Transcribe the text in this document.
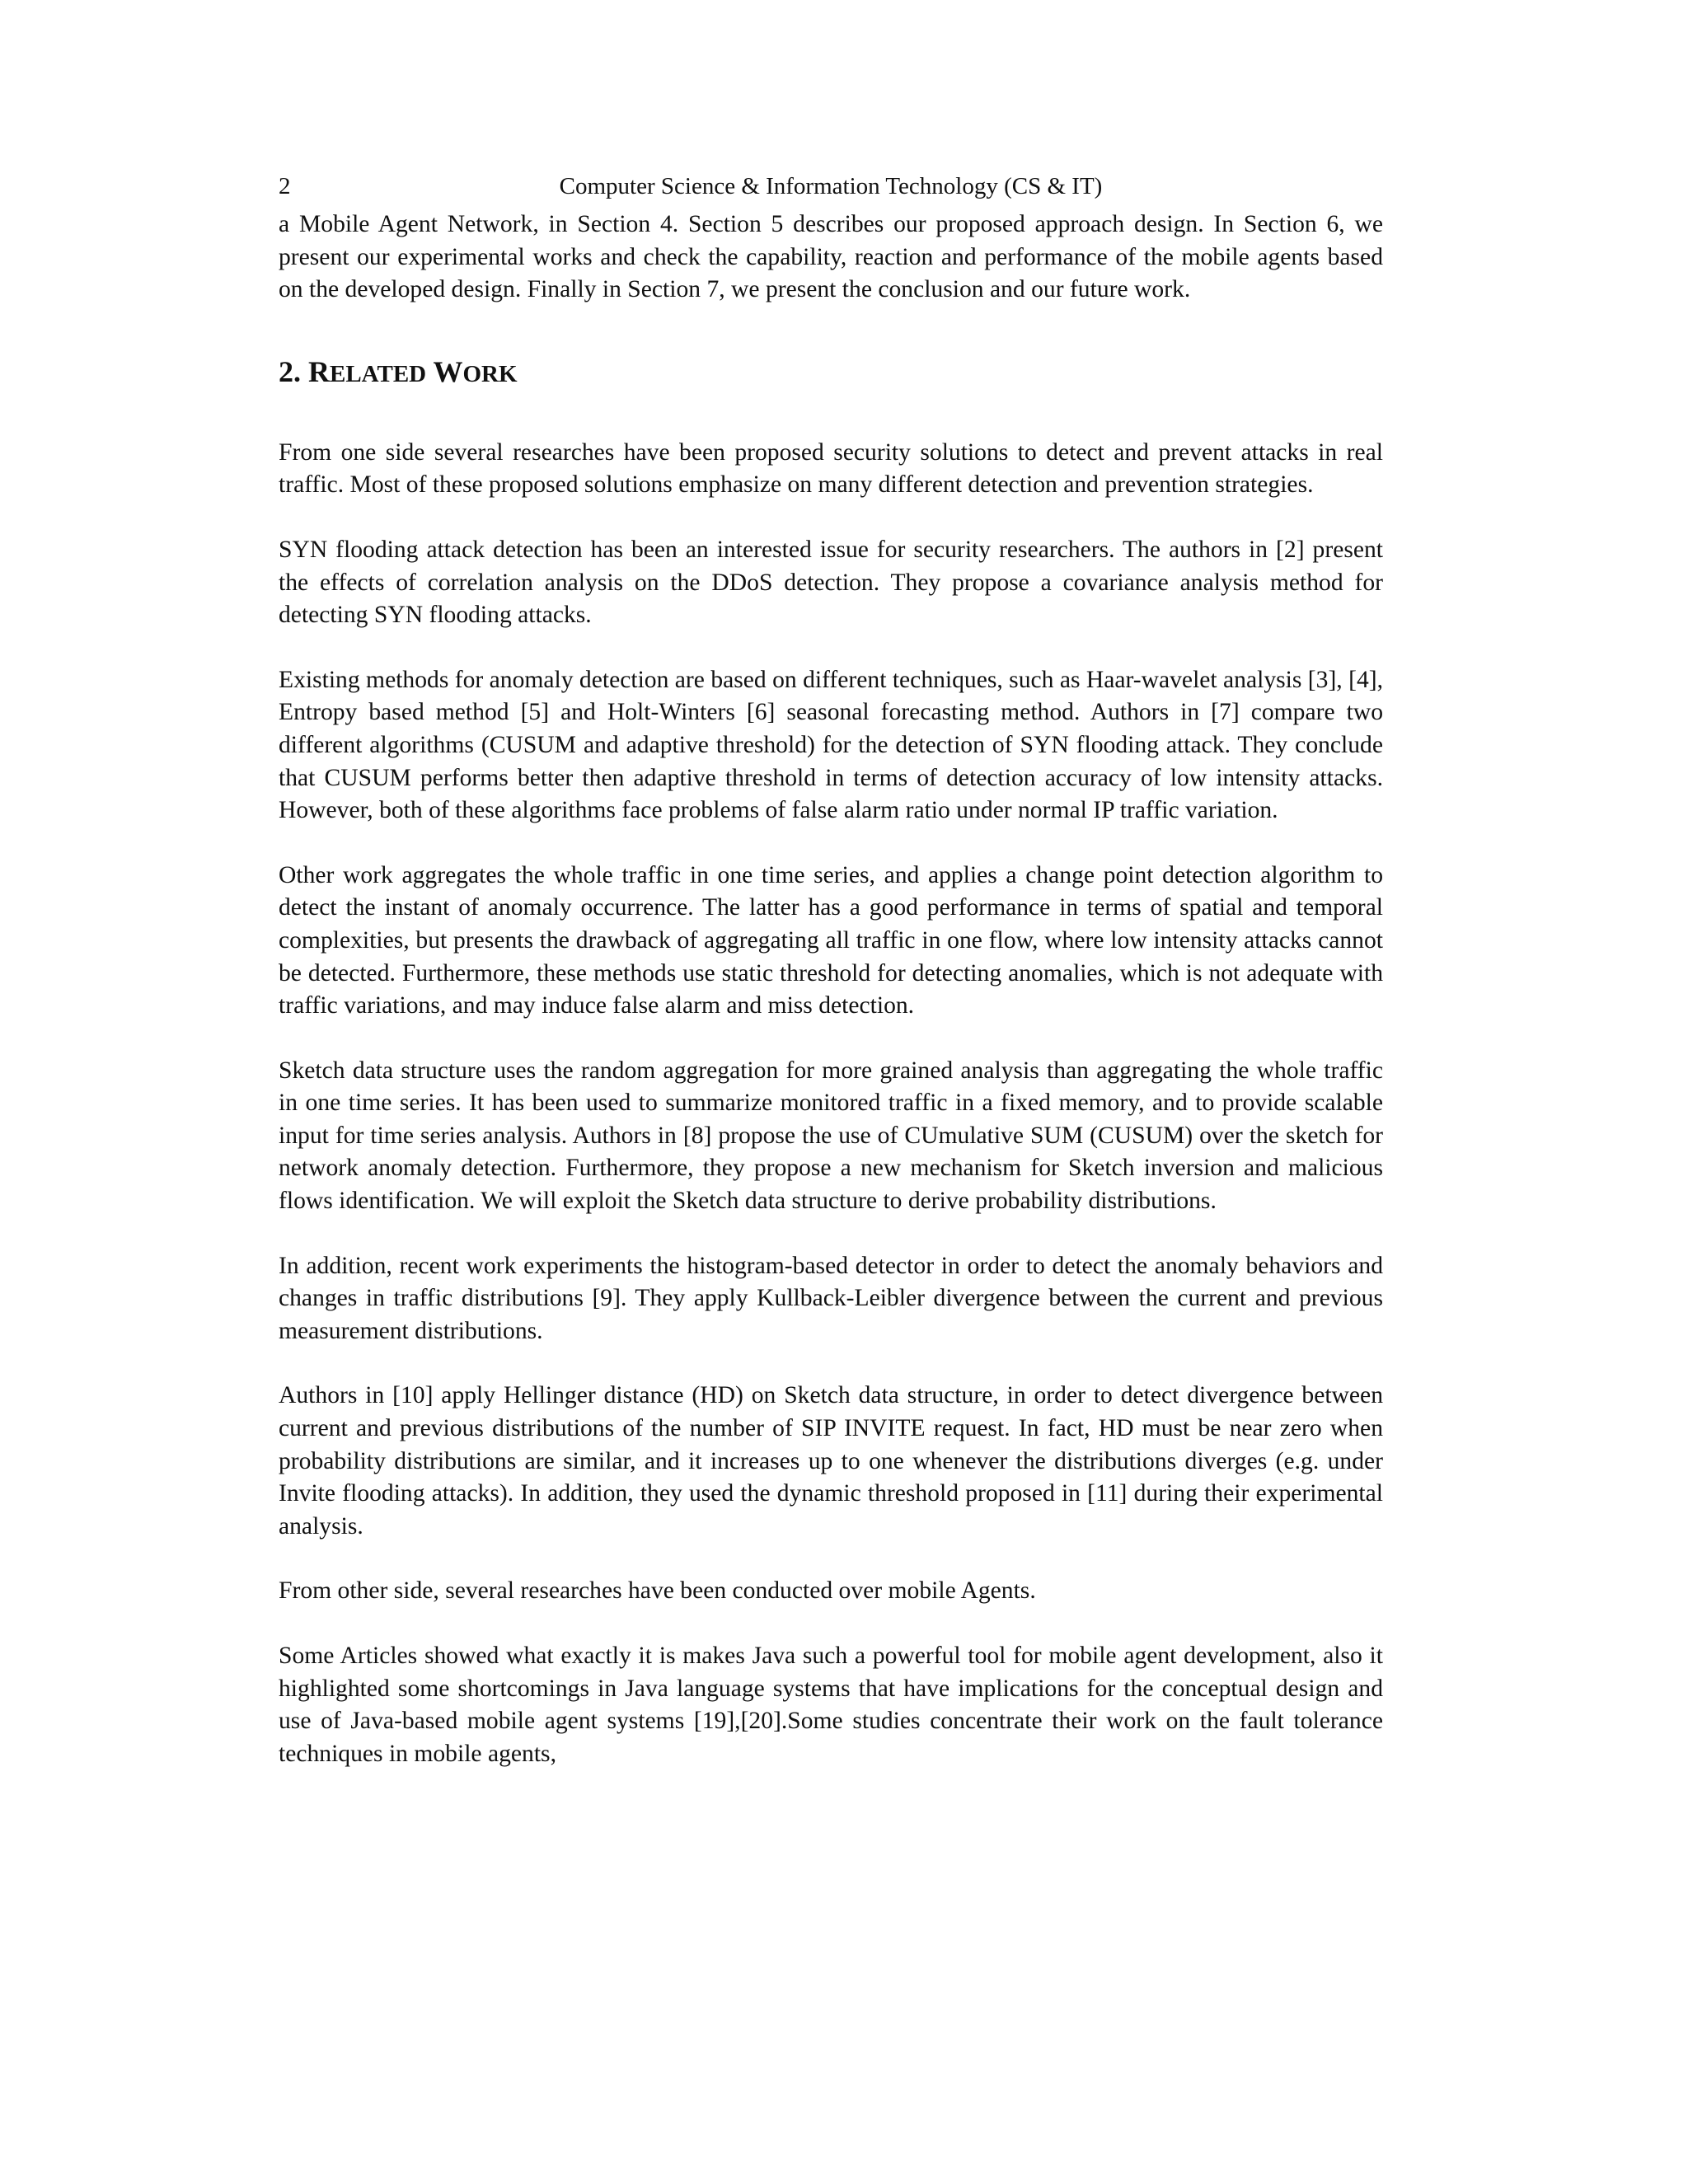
2	Computer Science & Information Technology (CS & IT)

a Mobile Agent Network, in Section 4. Section 5 describes our proposed approach design. In Section 6, we present our experimental works and check the capability, reaction and performance of the mobile agents based on the developed design. Finally in Section 7, we present the conclusion and our future work.

2. RELATED WORK

From one side several researches have been proposed security solutions to detect and prevent attacks in real traffic. Most of these proposed solutions emphasize on many different detection and prevention strategies.

SYN flooding attack detection has been an interested issue for security researchers. The authors in [2] present the effects of correlation analysis on the DDoS detection. They propose a covariance analysis method for detecting SYN flooding attacks.

Existing methods for anomaly detection are based on different techniques, such as Haar-wavelet analysis [3], [4], Entropy based method [5] and Holt-Winters [6] seasonal forecasting method. Authors in [7] compare two different algorithms (CUSUM and adaptive threshold) for the detection of SYN flooding attack. They conclude that CUSUM performs better then adaptive threshold in terms of detection accuracy of low intensity attacks. However, both of these algorithms face problems of false alarm ratio under normal IP traffic variation.

Other work aggregates the whole traffic in one time series, and applies a change point detection algorithm to detect the instant of anomaly occurrence. The latter has a good performance in terms of spatial and temporal complexities, but presents the drawback of aggregating all traffic in one flow, where low intensity attacks cannot be detected. Furthermore, these methods use static threshold for detecting anomalies, which is not adequate with traffic variations, and may induce false alarm and miss detection.

Sketch data structure uses the random aggregation for more grained analysis than aggregating the whole traffic in one time series. It has been used to summarize monitored traffic in a fixed memory, and to provide scalable input for time series analysis. Authors in [8] propose the use of CUmulative SUM (CUSUM) over the sketch for network anomaly detection. Furthermore, they propose a new mechanism for Sketch inversion and malicious flows identification. We will exploit the Sketch data structure to derive probability distributions.

In addition, recent work experiments the histogram-based detector in order to detect the anomaly behaviors and changes in traffic distributions [9]. They apply Kullback-Leibler divergence between the current and previous measurement distributions.

Authors in [10] apply Hellinger distance (HD) on Sketch data structure, in order to detect divergence between current and previous distributions of the number of SIP INVITE request. In fact, HD must be near zero when probability distributions are similar, and it increases up to one whenever the distributions diverges (e.g. under Invite flooding attacks). In addition, they used the dynamic threshold proposed in [11] during their experimental analysis.

From other side, several researches have been conducted over mobile Agents.

Some Articles showed what exactly it is makes Java such a powerful tool for mobile agent development, also it highlighted some shortcomings in Java language systems that have implications for the conceptual design and use of Java-based mobile agent systems [19],[20].Some studies concentrate their work on the fault tolerance techniques in mobile agents,
